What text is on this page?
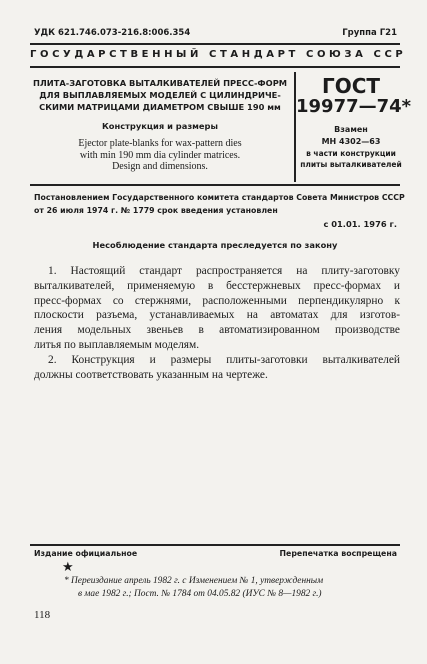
УДК 621.746.073-216.8:006.354	Группа Г21
ГОСУДАРСТВЕННЫЙ СТАНДАРТ СОЮЗА ССР
ПЛИТА-ЗАГОТОВКА ВЫТАЛКИВАТЕЛЕЙ ПРЕСС-ФОРМ
ДЛЯ ВЫПЛАВЛЯЕМЫХ МОДЕЛЕЙ С ЦИЛИНДРИЧЕ-
СКИМИ МАТРИЦАМИ ДИАМЕТРОМ СВЫШЕ 190 мм
Конструкция и размеры
Ejector plate-blanks for wax-pattern dies
with min 190 mm dia cylinder matrices.
Design and dimensions.
ГОСТ
19977—74*
Взамен
МН 4302—63
в части конструкции
плиты выталкивателей
Постановлением Государственного комитета стандартов Совета Министров СССР
от 26 июля 1974 г. № 1779 срок введения установлен
с 01.01. 1976 г.
Несоблюдение стандарта преследуется по закону
1. Настоящий стандарт распространяется на плиту-заготовку
выталкивателей, применяемую в бесстержневых пресс-формах и
пресс-формах со стержнями, расположенными перпендикулярно к
плоскости разъема, устанавливаемых на автоматах для изготов-
ления модельных звеньев в автоматизированном производстве
литья по выплавляемым моделям.
2. Конструкция и размеры плиты-заготовки выталкивателей
должны соответствовать указанным на чертеже.
Издание официальное	Перепечатка воспрещена
★
* Переиздание апрель 1982 г. с Изменением № 1, утвержденным
в мае 1982 г.; Пост. № 1784 от 04.05.82 (ИУС № 8—1982 г.)
118
